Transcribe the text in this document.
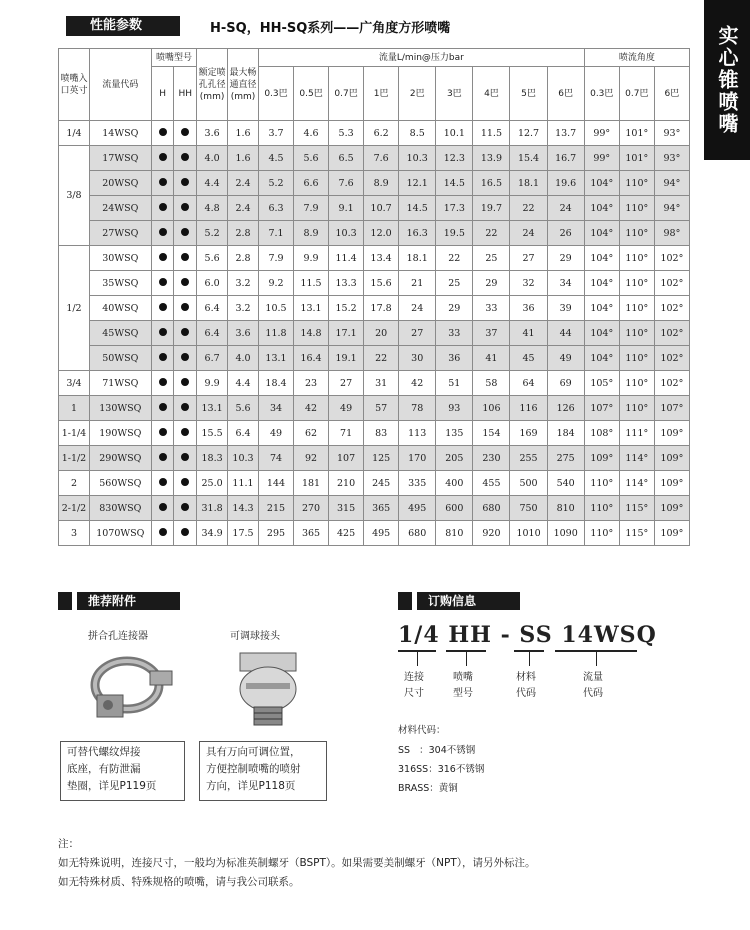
性能参数	H-SQ，HH-SQ系列——广角度方形喷嘴	实心锥喷嘴
喷嘴入口英寸	流量代码	喷嘴型号		额定喷孔孔径(mm)	最大畅通直径(mm)	流量L/min@压力bar									喷流角度		
		H	HH			0.3巴	0.5巴	0.7巴	1巴	2巴	3巴	4巴	5巴	6巴	0.3巴	0.7巴	6巴
1/4	14WSQ			3.6	1.6	3.7	4.6	5.3	6.2	8.5	10.1	11.5	12.7	13.7	99°	101°	93°
3/8	17WSQ			4.0	1.6	4.5	5.6	6.5	7.6	10.3	12.3	13.9	15.4	16.7	99°	101°	93°
	20WSQ			4.4	2.4	5.2	6.6	7.6	8.9	12.1	14.5	16.5	18.1	19.6	104°	110°	94°
	24WSQ			4.8	2.4	6.3	7.9	9.1	10.7	14.5	17.3	19.7	22	24	104°	110°	94°
	27WSQ			5.2	2.8	7.1	8.9	10.3	12.0	16.3	19.5	22	24	26	104°	110°	98°
1/2	30WSQ			5.6	2.8	7.9	9.9	11.4	13.4	18.1	22	25	27	29	104°	110°	102°
	35WSQ			6.0	3.2	9.2	11.5	13.3	15.6	21	25	29	32	34	104°	110°	102°
	40WSQ			6.4	3.2	10.5	13.1	15.2	17.8	24	29	33	36	39	104°	110°	102°
	45WSQ			6.4	3.6	11.8	14.8	17.1	20	27	33	37	41	44	104°	110°	102°
	50WSQ			6.7	4.0	13.1	16.4	19.1	22	30	36	41	45	49	104°	110°	102°
3/4	71WSQ			9.9	4.4	18.4	23	27	31	42	51	58	64	69	105°	110°	102°
1	130WSQ			13.1	5.6	34	42	49	57	78	93	106	116	126	107°	110°	107°
1-1/4	190WSQ			15.5	6.4	49	62	71	83	113	135	154	169	184	108°	111°	109°
1-1/2	290WSQ			18.3	10.3	74	92	107	125	170	205	230	255	275	109°	114°	109°
2	560WSQ			25.0	11.1	144	181	210	245	335	400	455	500	540	110°	114°	109°
2-1/2	830WSQ			31.8	14.3	215	270	315	365	495	600	680	750	810	110°	115°	109°
3	1070WSQ			34.9	17.5	295	365	425	495	680	810	920	1010	1090	110°	115°	109°
推荐附件
拼合孔连接器	可调球接头
可替代螺纹焊接
底座，有防泄漏
垫圈，详见P119页
具有万向可调位置，
方便控制喷嘴的喷射
方向，详见P118页
订购信息
1/4 HH - SS 14WSQ
连接
尺寸
喷嘴
型号
材料
代码
流量
代码
材料代码：
SS   ：304不锈钢
316SS：316不锈钢
BRASS：黄铜
注：
如无特殊说明，连接尺寸，一般均为标准英制螺牙（BSPT）。如果需要美制螺牙（NPT），请另外标注。
如无特殊材质、特殊规格的喷嘴，请与我公司联系。
